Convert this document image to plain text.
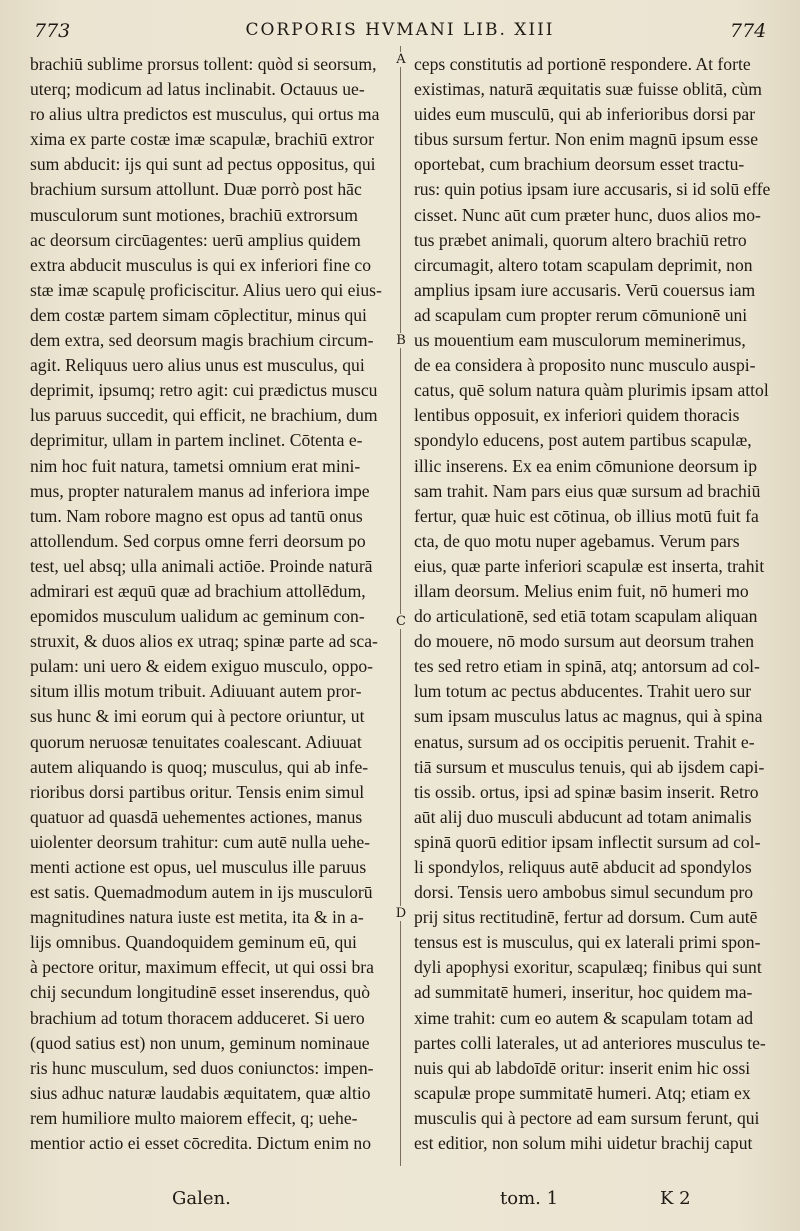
773	CORPORIS HVMANI LIB. XIII	774
A
B
C
D
brachiū sublime prorsus tollent: quòd si seorsum,
uterq; modicum ad latus inclinabit. Octauus ue-
ro alius ultra predictos est musculus, qui ortus ma
xima ex parte costæ imæ scapulæ, brachiū extror
sum abducit: ijs qui sunt ad pectus oppositus, qui
brachium sursum attollunt. Duæ porrò post hāc
musculorum sunt motiones, brachiū extrorsum
ac deorsum circūagentes: uerū amplius quidem
extra abducit musculus is qui ex inferiori fine co
stæ imæ scapulę proficiscitur. Alius uero qui eius-
dem costæ partem simam cōplectitur, minus qui
dem extra, sed deorsum magis brachium circum-
agit. Reliquus uero alius unus est musculus, qui
deprimit, ipsumq; retro agit: cui prædictus muscu
lus paruus succedit, qui efficit, ne brachium, dum
deprimitur, ullam in partem inclinet. Cōtenta e-
nim hoc fuit natura, tametsi omnium erat mini-
mus, propter naturalem manus ad inferiora impe
tum. Nam robore magno est opus ad tantū onus
attollendum. Sed corpus omne ferri deorsum po
test, uel absq; ulla animali actiōe. Proinde naturā
admirari est æquū quæ ad brachium attollēdum,
epomidos musculum ualidum ac geminum con-
struxit, & duos alios ex utraq; spinæ parte ad sca-
pulam: uni uero & eidem exiguo musculo, oppo-
situm illis motum tribuit. Adiuuant autem pror-
sus hunc & imi eorum qui à pectore oriuntur, ut
quorum neruosæ tenuitates coalescant. Adiuuat
autem aliquando is quoq; musculus, qui ab infe-
rioribus dorsi partibus oritur. Tensis enim simul
quatuor ad quasdā uehementes actiones, manus
uiolenter deorsum trahitur: cum autē nulla uehe-
menti actione est opus, uel musculus ille paruus
est satis. Quemadmodum autem in ijs musculorū
magnitudines natura iuste est metita, ita & in a-
lijs omnibus. Quandoquidem geminum eū, qui
à pectore oritur, maximum effecit, ut qui ossi bra
chij secundum longitudinē esset inserendus, quò
brachium ad totum thoracem adduceret. Si uero
(quod satius est) non unum, geminum nominaue
ris hunc musculum, sed duos coniunctos: impen-
sius adhuc naturæ laudabis æquitatem, quæ altio
rem humiliore multo maiorem effecit, q; uehe-
mentior actio ei esset cōcredita. Dictum enim no
ceps constitutis ad portionē respondere. At forte
existimas, naturā æquitatis suæ fuisse oblitā, cùm
uides eum musculū, qui ab inferioribus dorsi par
tibus sursum fertur. Non enim magnū ipsum esse
oportebat, cum brachium deorsum esset tractu-
rus: quin potius ipsam iure accusaris, si id solū effe
cisset. Nunc aūt cum præter hunc, duos alios mo-
tus præbet animali, quorum altero brachiū retro
circumagit, altero totam scapulam deprimit, non
amplius ipsam iure accusaris. Verū couersus iam
ad scapulam cum propter rerum cōmunionē uni
us mouentium eam musculorum meminerimus,
de ea considera à proposito nunc musculo auspi-
catus, quē solum natura quàm plurimis ipsam attol
lentibus opposuit, ex inferiori quidem thoracis
spondylo educens, post autem partibus scapulæ,
illic inserens. Ex ea enim cōmunione deorsum ip
sam trahit. Nam pars eius quæ sursum ad brachiū
fertur, quæ huic est cōtinua, ob illius motū fuit fa
cta, de quo motu nuper agebamus. Verum pars
eius, quæ parte inferiori scapulæ est inserta, trahit
illam deorsum. Melius enim fuit, nō humeri mo
do articulationē, sed etiā totam scapulam aliquan
do mouere, nō modo sursum aut deorsum trahen
tes sed retro etiam in spinā, atq; antorsum ad col-
lum totum ac pectus abducentes. Trahit uero sur
sum ipsam musculus latus ac magnus, qui à spina
enatus, sursum ad os occipitis peruenit. Trahit e-
tiā sursum et musculus tenuis, qui ab ijsdem capi-
tis ossib. ortus, ipsi ad spinæ basim inserit. Retro
aūt alij duo musculi abducunt ad totam animalis
spinā quorū editior ipsam inflectit sursum ad col-
li spondylos, reliquus autē abducit ad spondylos
dorsi. Tensis uero ambobus simul secundum pro
prij situs rectitudinē, fertur ad dorsum. Cum autē
tensus est is musculus, qui ex laterali primi spon-
dyli apophysi exoritur, scapulæq; finibus qui sunt
ad summitatē humeri, inseritur, hoc quidem ma-
xime trahit: cum eo autem & scapulam totam ad
partes colli laterales, ut ad anteriores musculus te-
nuis qui ab labdoīdē oritur: inserit enim hic ossi
scapulæ prope summitatē humeri. Atq; etiam ex
musculis qui à pectore ad eam sursum ferunt, qui
est editior, non solum mihi uidetur brachij caput
Galen.	tom. 1	K 2
